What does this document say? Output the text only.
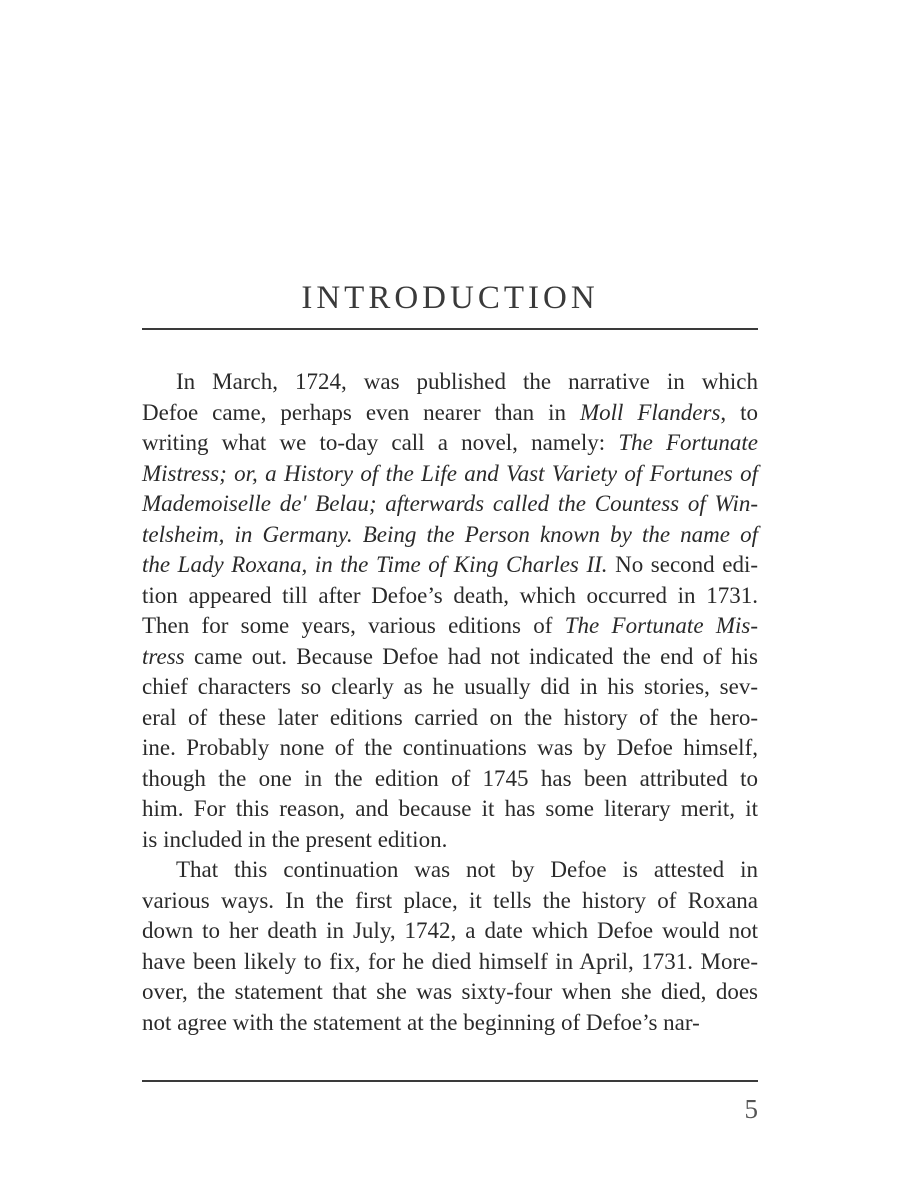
INTRODUCTION
In March, 1724, was published the narrative in which
Defoe came, perhaps even nearer than in Moll Flanders, to
writing what we to-day call a novel, namely: The Fortunate
Mistress; or, a History of the Life and Vast Variety of Fortunes of
Mademoiselle de' Belau; afterwards called the Countess of Win-
telsheim, in Germany. Being the Person known by the name of
the Lady Roxana, in the Time of King Charles II. No second edi-
tion appeared till after Defoe’s death, which occurred in 1731.
Then for some years, various editions of The Fortunate Mis-
tress came out. Because Defoe had not indicated the end of his
chief characters so clearly as he usually did in his stories, sev-
eral of these later editions carried on the history of the hero-
ine. Probably none of the continuations was by Defoe himself,
though the one in the edition of 1745 has been attributed to
him. For this reason, and because it has some literary merit, it
is included in the present edition.
That this continuation was not by Defoe is attested in
various ways. In the first place, it tells the history of Roxana
down to her death in July, 1742, a date which Defoe would not
have been likely to fix, for he died himself in April, 1731. More-
over, the statement that she was sixty-four when she died, does
not agree with the statement at the beginning of Defoe’s nar-
5
